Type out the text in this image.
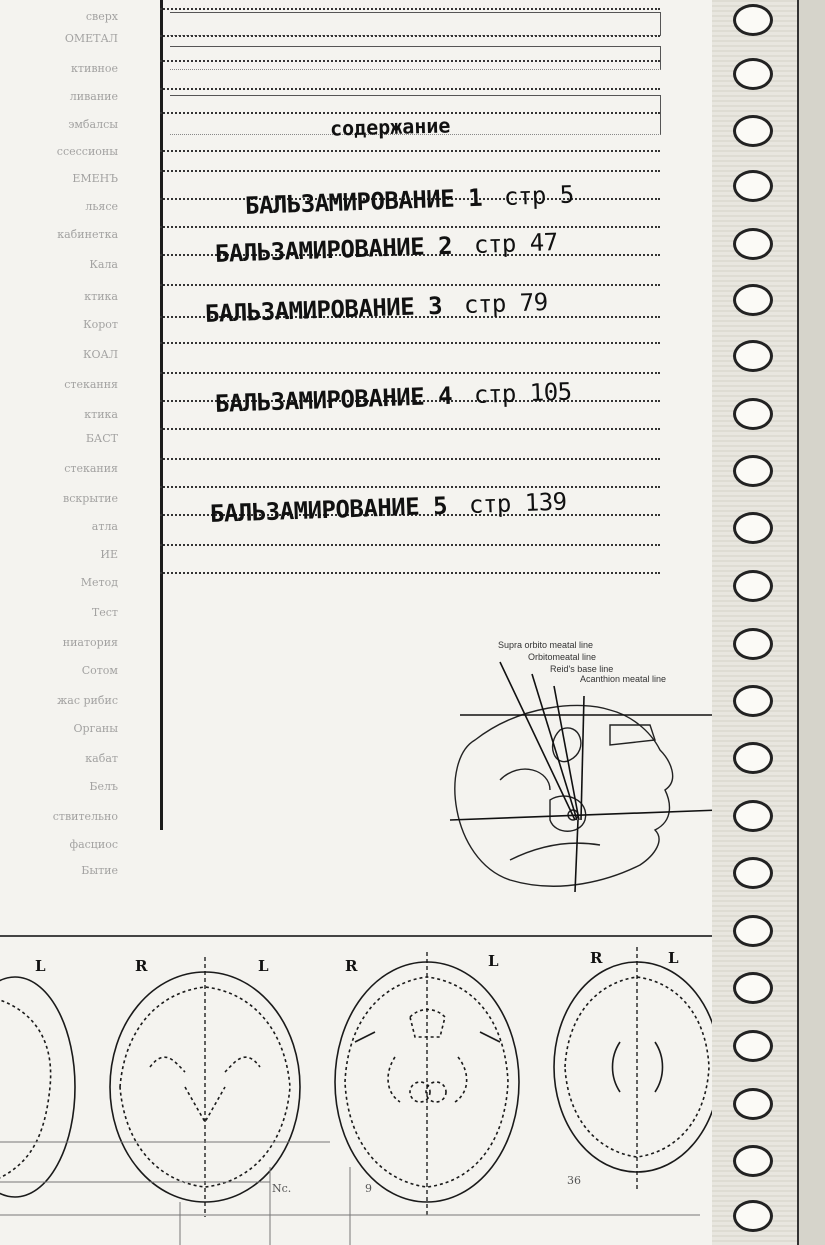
сверх
ОМЕТАЛ
ктивное
ливание
эмбалсы
ссессионы
ЕМЕНЪ
льясе
кабинетка
Кала
ктика
Корот
КОАЛ
стекання
ктика
БАСТ
стекания
вскрытие
атла
ИЕ
Метод
Тест
ниатория
Сотом
жас рибис
Органы
кабат
Белъ
ствительно
фасциос
Бытие
содержание
БАЛЬЗАМИРОВАНИЕ 1 стр 5
БАЛЬЗАМИРОВАНИЕ 2 стр 47
БАЛЬЗАМИРОВАНИЕ 3 стр 79
БАЛЬЗАМИРОВАНИЕ 4 стр 105
БАЛЬЗАМИРОВАНИЕ 5 стр 139
Supra orbito meatal line
Orbitomeatal line
Reid's base line
Acanthion meatal line
L	R	L	R	L	R	L
Nc.	9
36
